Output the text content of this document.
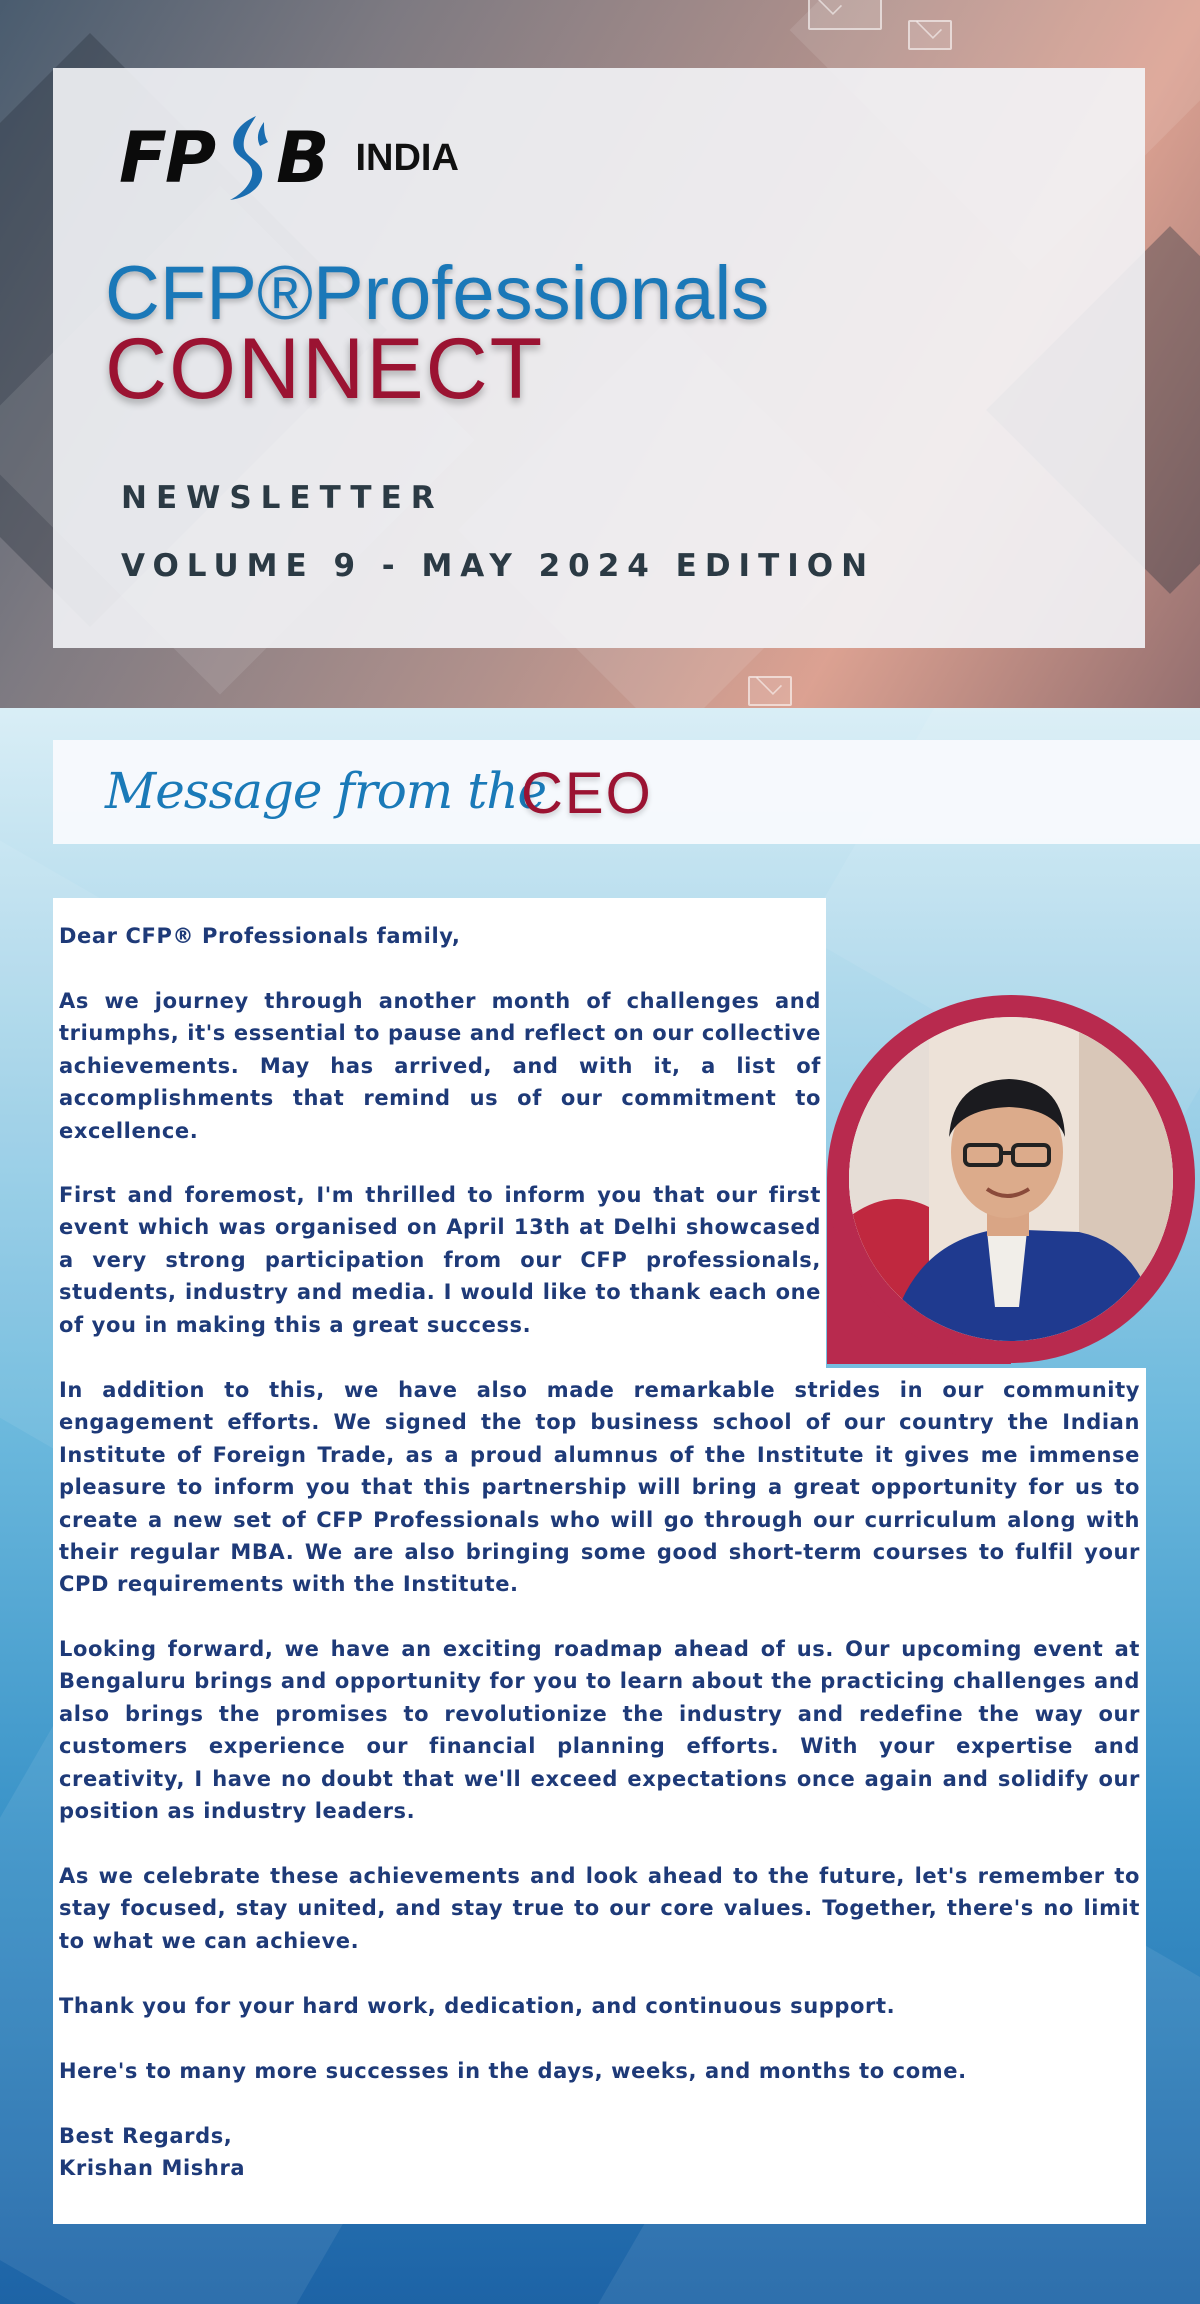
FP B INDIA
CFP®Professionals
CONNECT
NEWSLETTER
VOLUME 9 - MAY 2024 EDITION
Message from the
CEO

Dear CFP® Professionals family,

As we journey through another month of challenges and triumphs, it's essential to pause and reflect on our collective achievements. May has arrived, and with it, a list of accomplishments that remind us of our commitment to excellence.

First and foremost, I'm thrilled to inform you that our first event which was organised on April 13th at Delhi showcased a very strong participation from our CFP professionals, students, industry and media. I would like to thank each one of you in making this a great success.

In addition to this, we have also made remarkable strides in our community engagement efforts. We signed the top business school of our country the Indian Institute of Foreign Trade, as a proud alumnus of the Institute it gives me immense pleasure to inform you that this partnership will bring a great opportunity for us to create a new set of CFP Professionals who will go through our curriculum along with their regular MBA. We are also bringing some good short-term courses to fulfil your CPD requirements with the Institute.

Looking forward, we have an exciting roadmap ahead of us. Our upcoming event at Bengaluru brings and opportunity for you to learn about the practicing challenges and also brings the promises to revolutionize the industry and redefine the way our customers experience our financial planning efforts. With your expertise and creativity, I have no doubt that we'll exceed expectations once again and solidify our position as industry leaders.

As we celebrate these achievements and look ahead to the future, let's remember to stay focused, stay united, and stay true to our core values. Together, there's no limit to what we can achieve.

Thank you for your hard work, dedication, and continuous support.

Here's to many more successes in the days, weeks, and months to come.

Best Regards,

Krishan Mishra
